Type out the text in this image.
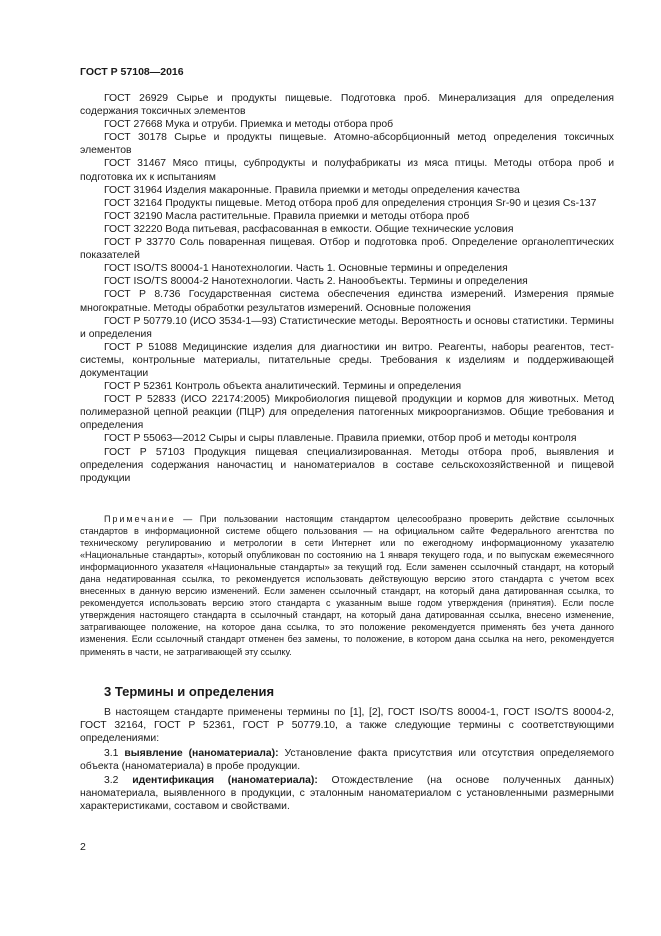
ГОСТ Р 57108—2016

ГОСТ 26929 Сырье и продукты пищевые. Подготовка проб. Минерализация для определения содержания токсичных элементов

ГОСТ 27668 Мука и отруби. Приемка и методы отбора проб

ГОСТ 30178 Сырье и продукты пищевые. Атомно-абсорбционный метод определения токсичных элементов

ГОСТ 31467 Мясо птицы, субпродукты и полуфабрикаты из мяса птицы. Методы отбора проб и подготовка их к испытаниям

ГОСТ 31964 Изделия макаронные. Правила приемки и методы определения качества

ГОСТ 32164 Продукты пищевые. Метод отбора проб для определения стронция Sr-90 и цезия Cs-137

ГОСТ 32190 Масла растительные. Правила приемки и методы отбора проб

ГОСТ 32220 Вода питьевая, расфасованная в емкости. Общие технические условия

ГОСТ Р 33770 Соль поваренная пищевая. Отбор и подготовка проб. Определение органолептических показателей

ГОСТ ISO/TS 80004-1 Нанотехнологии. Часть 1. Основные термины и определения

ГОСТ ISO/TS 80004-2 Нанотехнологии. Часть 2. Нанообъекты. Термины и определения

ГОСТ Р 8.736 Государственная система обеспечения единства измерений. Измерения прямые многократные. Методы обработки результатов измерений. Основные положения

ГОСТ Р 50779.10 (ИСО 3534-1—93) Статистические методы. Вероятность и основы статистики. Термины и определения

ГОСТ Р 51088 Медицинские изделия для диагностики ин витро. Реагенты, наборы реагентов, тест-системы, контрольные материалы, питательные среды. Требования к изделиям и поддерживающей документации

ГОСТ Р 52361 Контроль объекта аналитический. Термины и определения

ГОСТ Р 52833 (ИСО 22174:2005) Микробиология пищевой продукции и кормов для животных. Метод полимеразной цепной реакции (ПЦР) для определения патогенных микроорганизмов. Общие требования и определения

ГОСТ Р 55063—2012 Сыры и сыры плавленые. Правила приемки, отбор проб и методы контроля

ГОСТ Р 57103 Продукция пищевая специализированная. Методы отбора проб, выявления и определения содержания наночастиц и наноматериалов в составе сельскохозяйственной и пищевой продукции

Примечание — При пользовании настоящим стандартом целесообразно проверить действие ссылочных стандартов в информационной системе общего пользования — на официальном сайте Федерального агентства по техническому регулированию и метрологии в сети Интернет или по ежегодному информационному указателю «Национальные стандарты», который опубликован по состоянию на 1 января текущего года, и по выпускам ежемесячного информационного указателя «Национальные стандарты» за текущий год. Если заменен ссылочный стандарт, на который дана недатированная ссылка, то рекомендуется использовать действующую версию этого стандарта с учетом всех внесенных в данную версию изменений. Если заменен ссылочный стандарт, на который дана датированная ссылка, то рекомендуется использовать версию этого стандарта с указанным выше годом утверждения (принятия). Если после утверждения настоящего стандарта в ссылочный стандарт, на который дана датированная ссылка, внесено изменение, затрагивающее положение, на которое дана ссылка, то это положение рекомендуется применять без учета данного изменения. Если ссылочный стандарт отменен без замены, то положение, в котором дана ссылка на него, рекомендуется применять в части, не затрагивающей эту ссылку.

3 Термины и определения

В настоящем стандарте применены термины по [1], [2], ГОСТ ISO/TS 80004-1, ГОСТ ISO/TS 80004-2, ГОСТ 32164, ГОСТ Р 52361, ГОСТ Р 50779.10, а также следующие термины с соответствующими определениями:

3.1 выявление (наноматериала): Установление факта присутствия или отсутствия определяемого объекта (наноматериала) в пробе продукции.

3.2 идентификация (наноматериала): Отождествление (на основе полученных данных) наноматериала, выявленного в продукции, с эталонным наноматериалом с установленными размерными характеристиками, составом и свойствами.

2
